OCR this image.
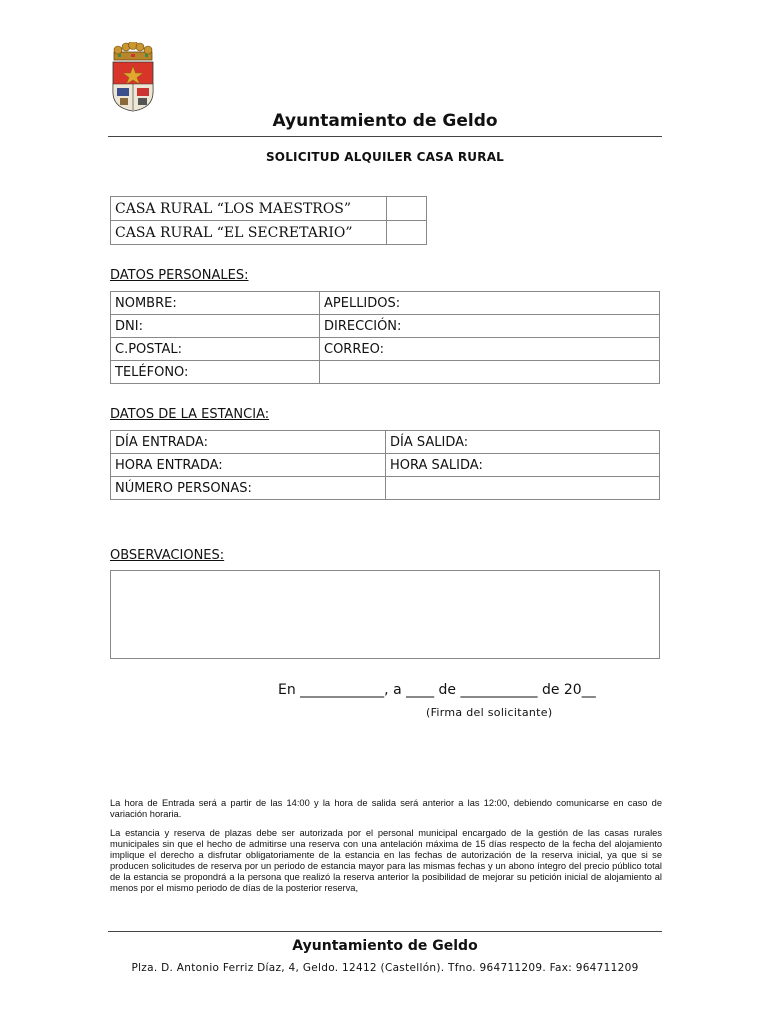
Ayuntamiento de Geldo
SOLICITUD ALQUILER CASA RURAL
CASA RURAL “LOS MAESTROS”	
CASA RURAL “EL SECRETARIO”	
DATOS PERSONALES:
NOMBRE:	APELLIDOS:
DNI:	DIRECCIÓN:
C.POSTAL:	CORREO:
TELÉFONO:	
DATOS DE LA ESTANCIA:
DÍA ENTRADA:	DÍA SALIDA:
HORA ENTRADA:	HORA SALIDA:
NÚMERO PERSONAS:	
OBSERVACIONES:
En ____________, a ____ de ___________ de 20__
(Firma del solicitante)

La hora de Entrada será a partir de las 14:00 y la hora de salida será anterior a las 12:00, debiendo comunicarse en caso de variación horaria.

La estancia y reserva de plazas debe ser autorizada por el personal municipal encargado de la gestión de las casas rurales municipales sin que el hecho de admitirse una reserva con una antelación máxima de 15 días respecto de la fecha del alojamiento implique el derecho a disfrutar obligatoriamente de la estancia en las fechas de autorización de la reserva inicial, ya que si se producen solicitudes de reserva por un periodo de estancia mayor para las mismas fechas y un abono íntegro del precio público total de la estancia se propondrá a la persona que realizó la reserva anterior la posibilidad de mejorar su petición inicial de alojamiento al menos por el mismo periodo de días de la posterior reserva,

Ayuntamiento de Geldo
Plza. D. Antonio Ferriz Díaz, 4, Geldo. 12412 (Castellón). Tfno. 964711209. Fax: 964711209
